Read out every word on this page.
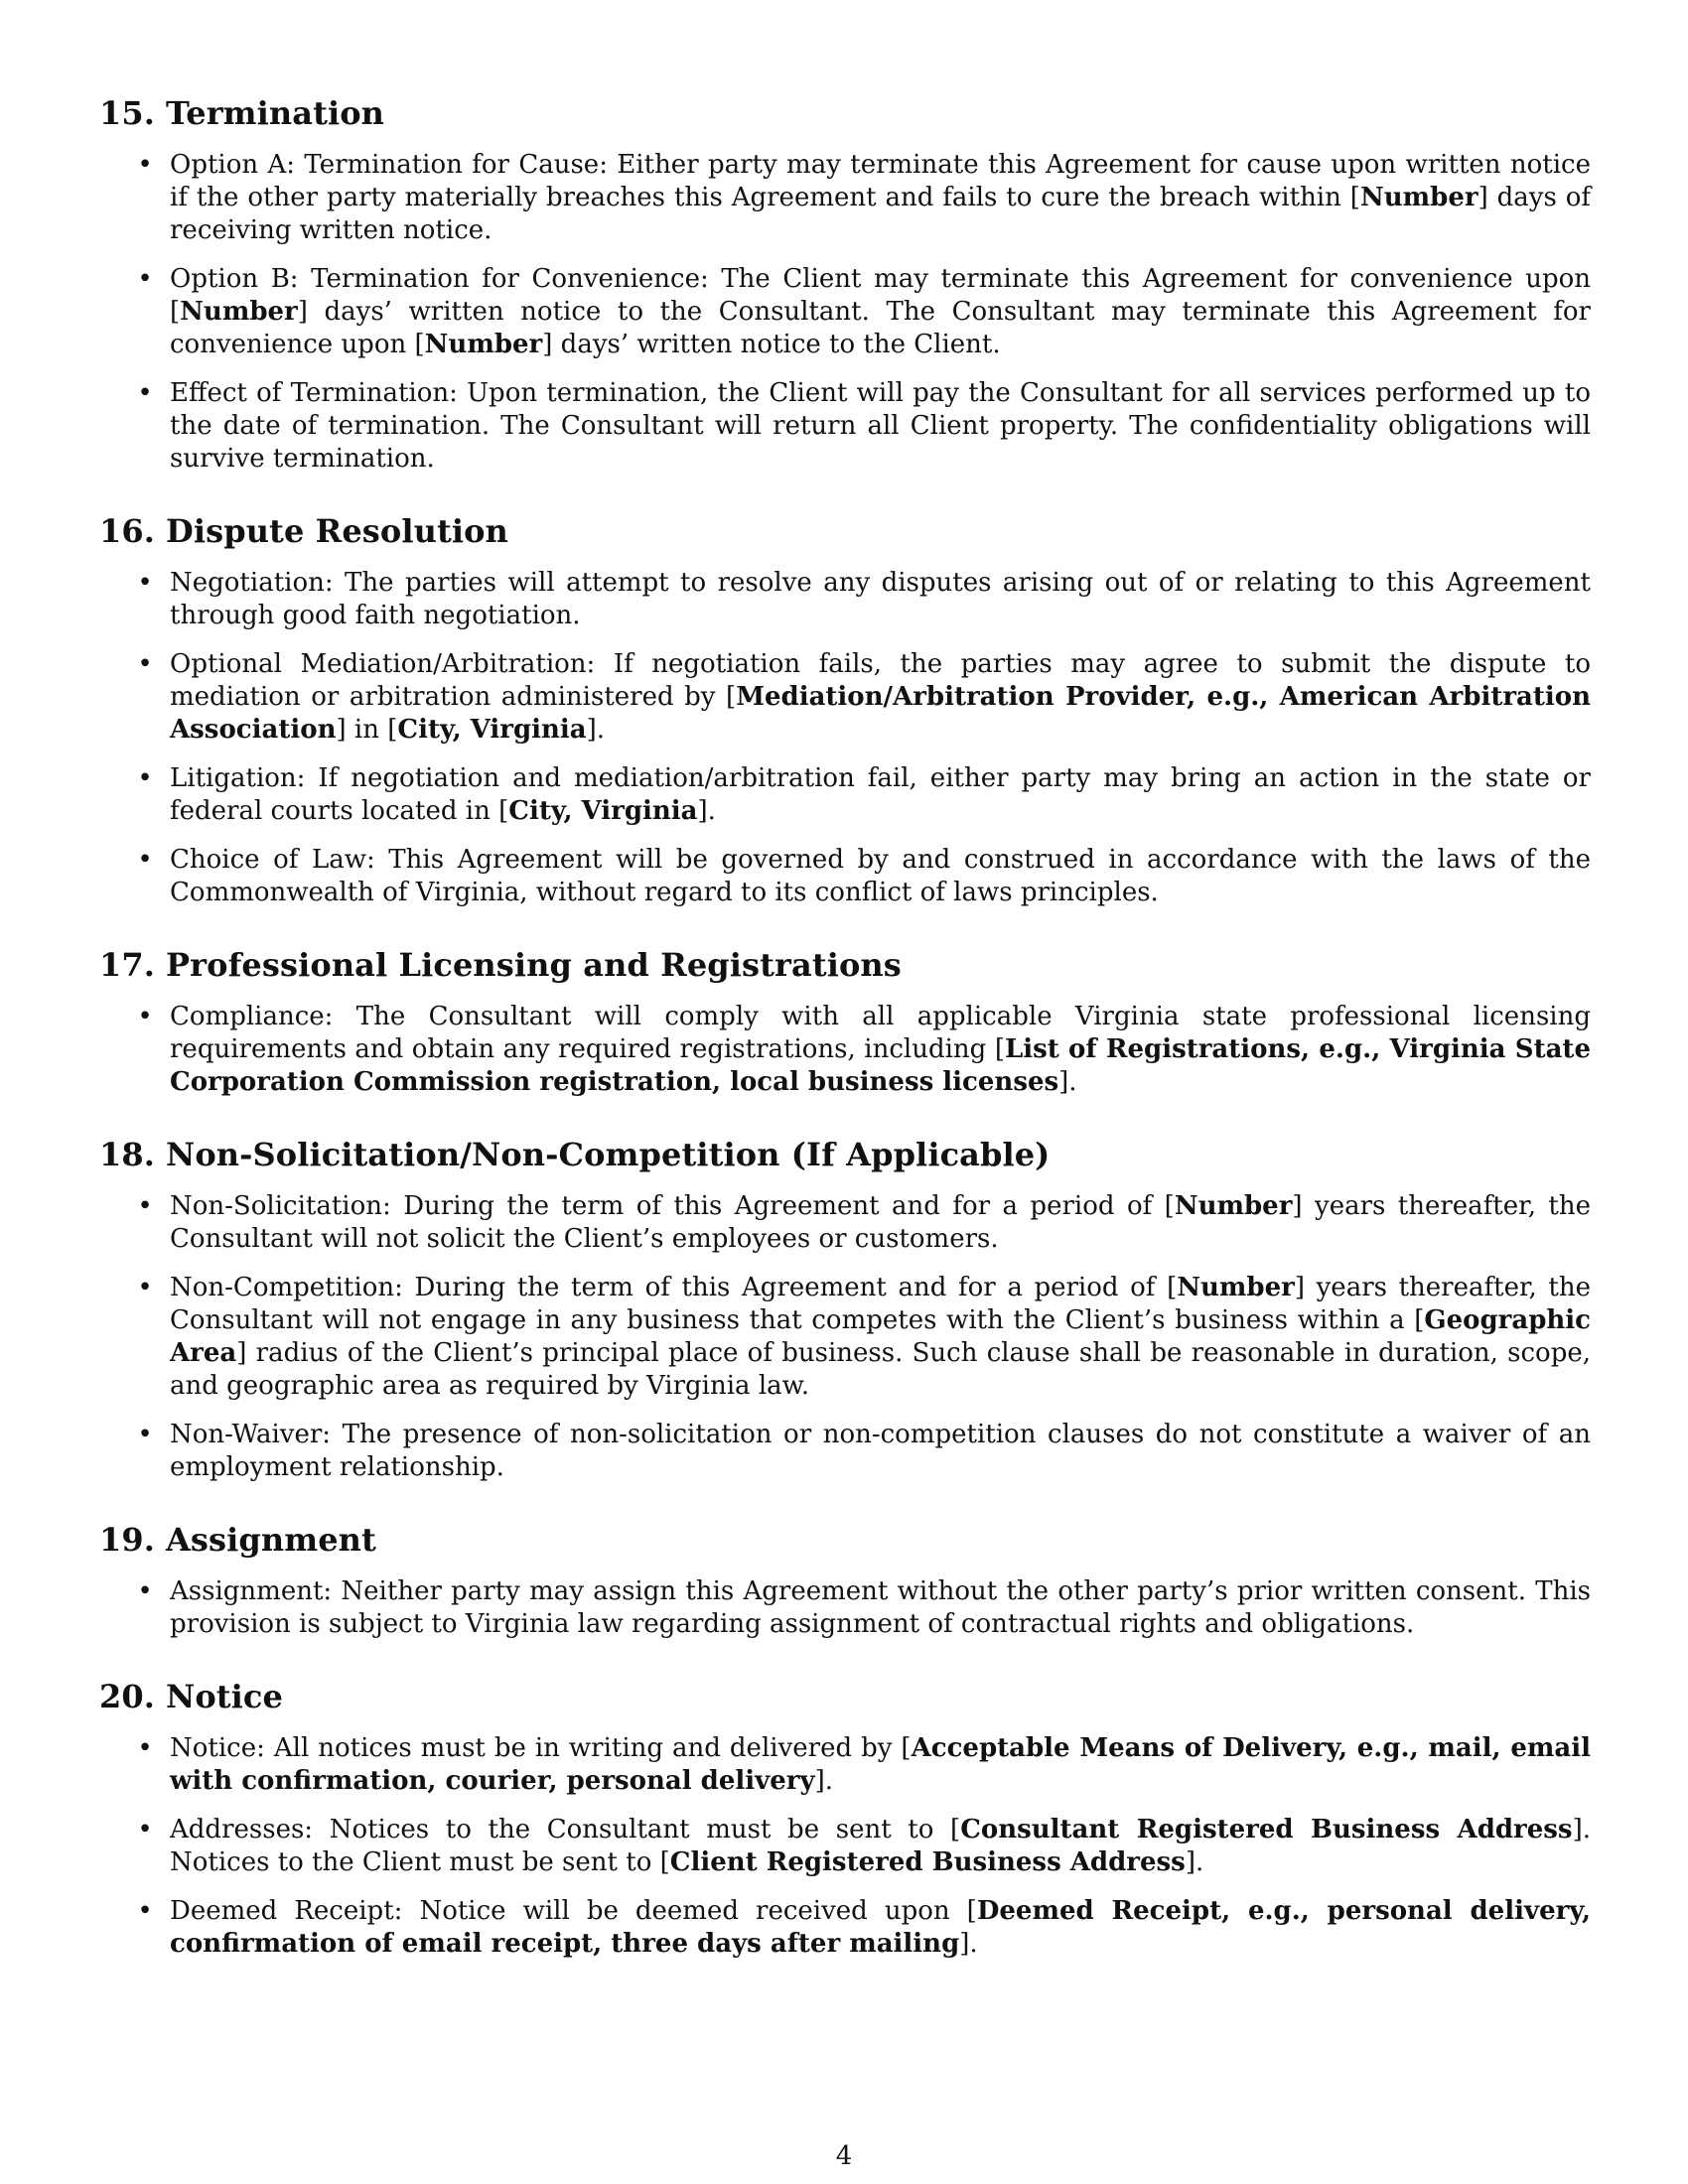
15. Termination
• Option A: Termination for Cause: Either party may terminate this Agreement for cause upon written notice if the other party materially breaches this Agreement and fails to cure the breach within [Number] days of receiving written notice.
• Option B: Termination for Convenience: The Client may terminate this Agreement for convenience upon [Number] days’ written notice to the Consultant. The Consultant may terminate this Agreement for convenience upon [Number] days’ written notice to the Client.
• Effect of Termination: Upon termination, the Client will pay the Consultant for all services performed up to the date of termination. The Consultant will return all Client property. The confidentiality obligations will survive termination.
16. Dispute Resolution
• Negotiation: The parties will attempt to resolve any disputes arising out of or relating to this Agreement through good faith negotiation.
• Optional Mediation/Arbitration: If negotiation fails, the parties may agree to submit the dispute to mediation or arbitration administered by [Mediation/Arbitration Provider, e.g., American Arbitration Association] in [City, Virginia].
• Litigation: If negotiation and mediation/arbitration fail, either party may bring an action in the state or federal courts located in [City, Virginia].
• Choice of Law: This Agreement will be governed by and construed in accordance with the laws of the Commonwealth of Virginia, without regard to its conflict of laws principles.
17. Professional Licensing and Registrations
• Compliance: The Consultant will comply with all applicable Virginia state professional licensing requirements and obtain any required registrations, including [List of Registrations, e.g., Virginia State Corporation Commission registration, local business licenses].
18. Non-Solicitation/Non-Competition (If Applicable)
• Non-Solicitation: During the term of this Agreement and for a period of [Number] years thereafter, the Consultant will not solicit the Client’s employees or customers.
• Non-Competition: During the term of this Agreement and for a period of [Number] years thereafter, the Consultant will not engage in any business that competes with the Client’s business within a [Geographic Area] radius of the Client’s principal place of business. Such clause shall be reasonable in duration, scope, and geographic area as required by Virginia law.
• Non-Waiver: The presence of non-solicitation or non-competition clauses do not constitute a waiver of an employment relationship.
19. Assignment
• Assignment: Neither party may assign this Agreement without the other party’s prior written consent. This provision is subject to Virginia law regarding assignment of contractual rights and obligations.
20. Notice
• Notice: All notices must be in writing and delivered by [Acceptable Means of Delivery, e.g., mail, email with confirmation, courier, personal delivery].
• Addresses: Notices to the Consultant must be sent to [Consultant Registered Business Address]. Notices to the Client must be sent to [Client Registered Business Address].
• Deemed Receipt: Notice will be deemed received upon [Deemed Receipt, e.g., personal delivery, confirmation of email receipt, three days after mailing].
4
